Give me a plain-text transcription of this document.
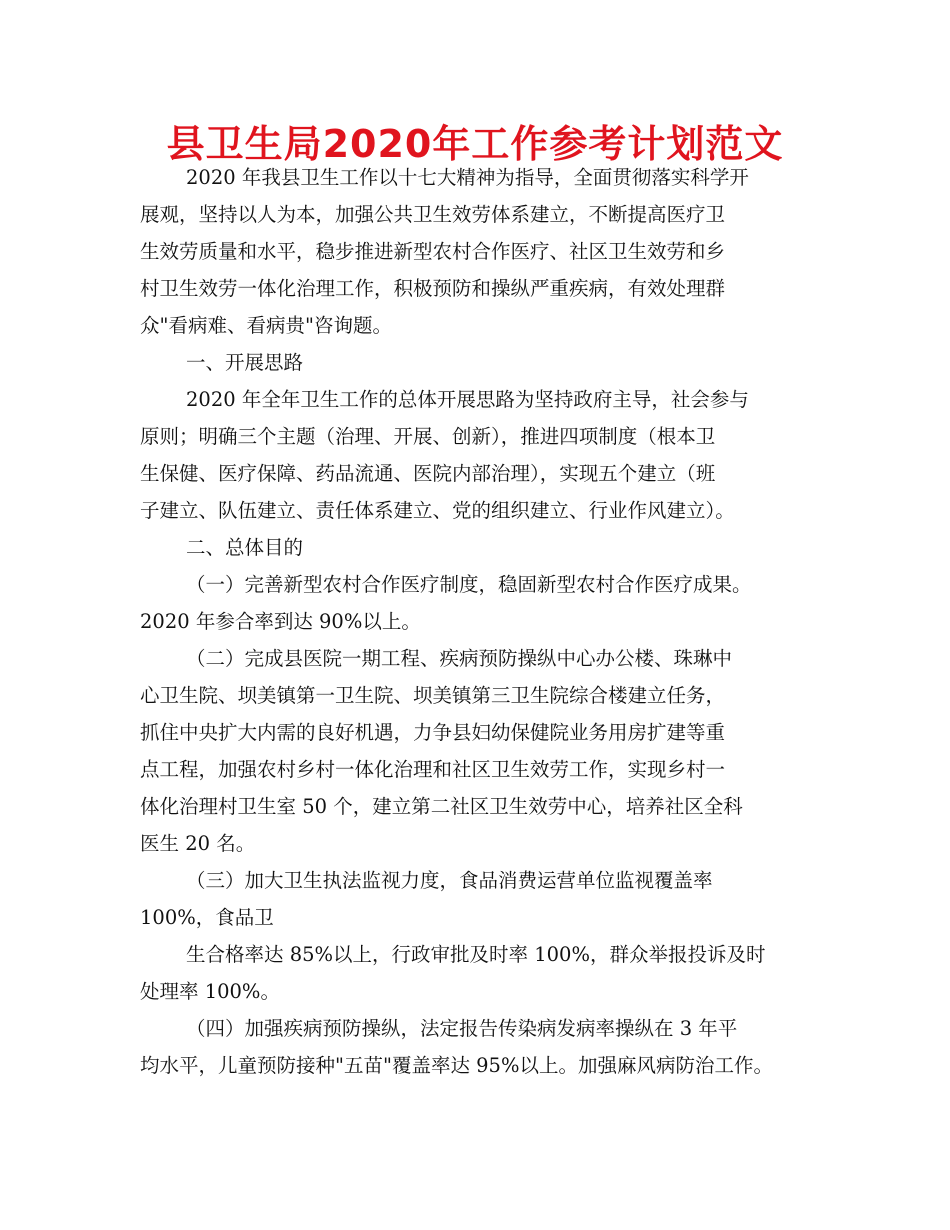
县卫生局2020年工作参考计划范文
2020 年我县卫生工作以十七大精神为指导，全面贯彻落实科学开
展观，坚持以人为本，加强公共卫生效劳体系建立，不断提高医疗卫
生效劳质量和水平，稳步推进新型农村合作医疗、社区卫生效劳和乡
村卫生效劳一体化治理工作，积极预防和操纵严重疾病，有效处理群
众"看病难、看病贵"咨询题。
一、开展思路
2020 年全年卫生工作的总体开展思路为坚持政府主导，社会参与
原则；明确三个主题（治理、开展、创新），推进四项制度（根本卫
生保健、医疗保障、药品流通、医院内部治理），实现五个建立（班
子建立、队伍建立、责任体系建立、党的组织建立、行业作风建立）。
二、总体目的
（一）完善新型农村合作医疗制度，稳固新型农村合作医疗成果。
2020 年参合率到达 90%以上。
（二）完成县医院一期工程、疾病预防操纵中心办公楼、珠琳中
心卫生院、坝美镇第一卫生院、坝美镇第三卫生院综合楼建立任务，
抓住中央扩大内需的良好机遇，力争县妇幼保健院业务用房扩建等重
点工程，加强农村乡村一体化治理和社区卫生效劳工作，实现乡村一
体化治理村卫生室 50 个，建立第二社区卫生效劳中心，培养社区全科
医生 20 名。
（三）加大卫生执法监视力度，食品消费运营单位监视覆盖率
100%，食品卫
生合格率达 85%以上，行政审批及时率 100%，群众举报投诉及时
处理率 100%。
（四）加强疾病预防操纵，法定报告传染病发病率操纵在 3 年平
均水平，儿童预防接种"五苗"覆盖率达 95%以上。加强麻风病防治工作。
